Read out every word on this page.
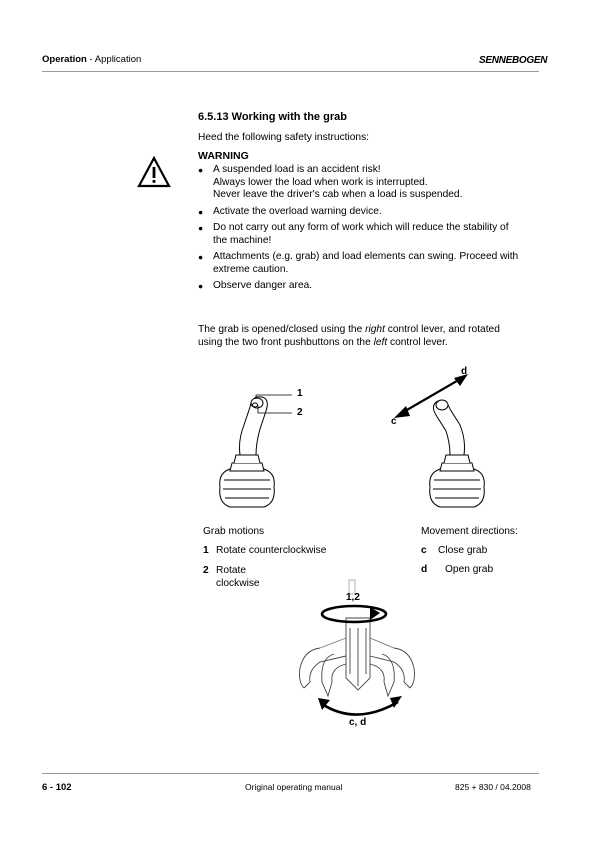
Operation - Application	SENNEBOGEN
6.5.13 Working with the grab
Heed the following safety instructions:
WARNING
● A suspended load is an accident risk!
Always lower the load when work is interrupted.
Never leave the driver's cab when a load is suspended.
● Activate the overload warning device.
● Do not carry out any form of work which will reduce the stability of
the machine!
● Attachments (e.g. grab) and load elements can swing. Proceed with
extreme caution.
● Observe danger area.
The grab is opened/closed using the right control lever, and rotated
using the two front pushbuttons on the left control lever.
1
2
d
c
Grab motions
1 Rotate counterclockwise
2 Rotate
clockwise
Movement directions:
c Close grab
d Open grab
1,2
c, d
6 - 102	Original operating manual	825 + 830 / 04.2008
